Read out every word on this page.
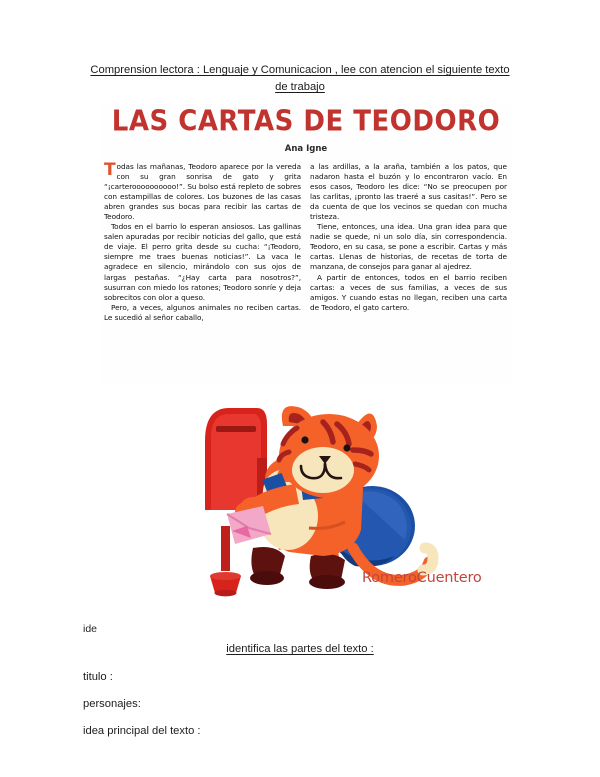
Comprension lectora : Lenguaje y Comunicacion , lee con atencion el siguiente texto de trabajo
LAS CARTAS DE TEODORO
Ana Igne

Todas las mañanas, Teodoro aparece por la vereda con su gran sonrisa de gato y grita “¡carteroooooooooo!”. Su bolso está repleto de sobres con estampillas de colores. Los buzones de las casas abren grandes sus bocas para recibir las cartas de Teodoro.

Todos en el barrio lo esperan ansiosos. Las gallinas salen apuradas por recibir noticias del gallo, que está de viaje. El perro grita desde su cucha: “¡Teodoro, siempre me traes buenas noticias!”. La vaca le agradece en silencio, mirándolo con sus ojos de largas pestañas. “¿Hay carta para nosotros?”, susurran con miedo los ratones; Teodoro sonríe y deja sobrecitos con olor a queso.

Pero, a veces, algunos animales no reciben cartas. Le sucedió al señor caballo,

a las ardillas, a la araña, también a los patos, que nadaron hasta el buzón y lo encontraron vacío. En esos casos, Teodoro les dice: “No se preocupen por las carlitas, ¡pronto las traeré a sus casitas!”. Pero se da cuenta de que los vecinos se quedan con mucha tristeza.

Tiene, entonces, una idea. Una gran idea para que nadie se quede, ni un solo día, sin correspondencia. Teodoro, en su casa, se pone a escribir. Cartas y más cartas. Llenas de historias, de recetas de torta de manzana, de consejos para ganar al ajedrez.

A partir de entonces, todos en el barrio reciben cartas: a veces de sus familias, a veces de sus amigos. Y cuando estas no llegan, reciben una carta de Teodoro, el gato cartero.

RomeroCuentero
ide
identifica las partes del texto :
titulo :
personajes:
idea principal del texto :
